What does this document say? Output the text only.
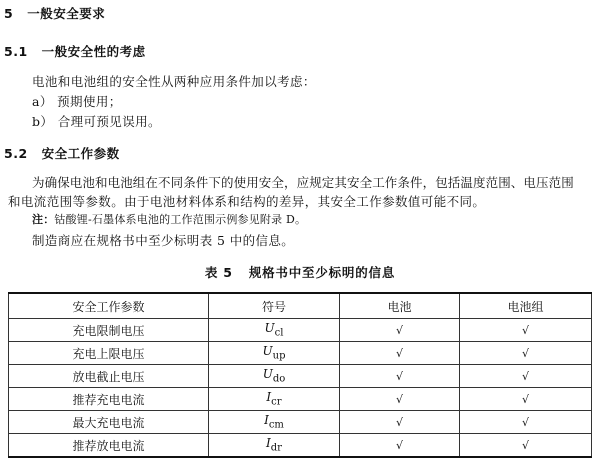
5 一般安全要求
5.1 一般安全性的考虑
电池和电池组的安全性从两种应用条件加以考虑：
a） 预期使用；
b） 合理可预见误用。
5.2 安全工作参数
为确保电池和电池组在不同条件下的使用安全，应规定其安全工作条件，包括温度范围、电压范围
和电流范围等参数。由于电池材料体系和结构的差异，其安全工作参数值可能不同。
注：钴酸锂-石墨体系电池的工作范围示例参见附录 D。
制造商应在规格书中至少标明表 5 中的信息。
表 5 规格书中至少标明的信息
安全工作参数	符号	电池	电池组
充电限制电压	$U_{cl}$	√	√
充电上限电压	$U_{up}$	√	√
放电截止电压	$U_{do}$	√	√
推荐充电电流	$I_{cr}$	√	√
最大充电电流	$I_{cm}$	√	√
推荐放电电流	$I_{dr}$	√	√
